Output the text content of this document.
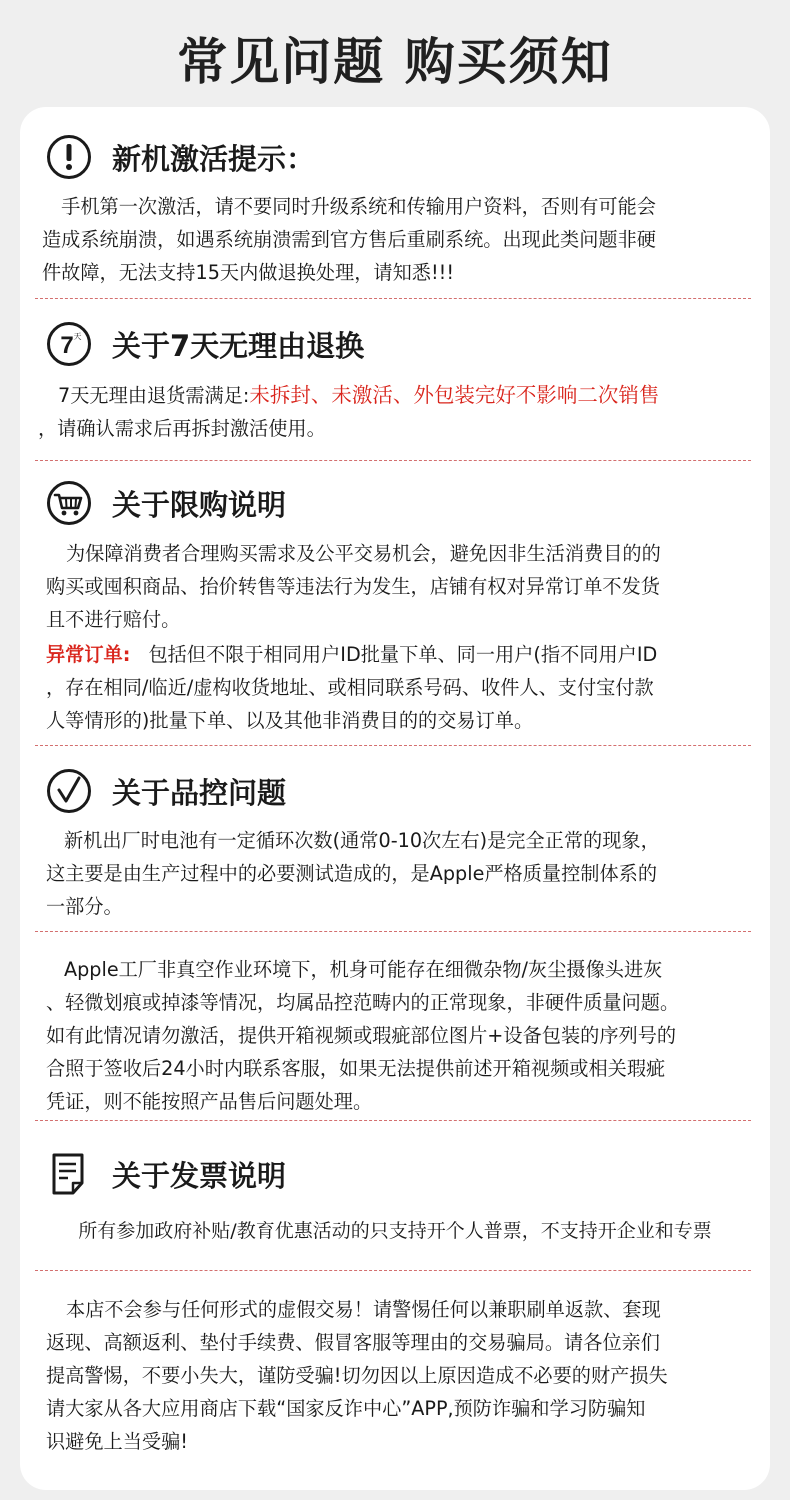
常见问题 购买须知
新机激活提示：
　手机第一次激活，请不要同时升级系统和传输用户资料，否则有可能会
造成系统崩溃，如遇系统崩溃需到官方售后重刷系统。出现此类问题非硬
件故障，无法支持15天内做退换处理，请知悉!!!
7 天 关于7天无理由退换
7天无理由退货需满足:未拆封、未激活、外包装完好不影响二次销售
，请确认需求后再拆封激活使用。
关于限购说明
为保障消费者合理购买需求及公平交易机会，避免因非生活消费目的的
购买或囤积商品、抬价转售等违法行为发生，店铺有权对异常订单不发货
且不进行赔付。
异常订单: 包括但不限于相同用户ID批量下单、同一用户(指不同用户ID
，存在相同/临近/虚构收货地址、或相同联系号码、收件人、支付宝付款
人等情形的)批量下单、以及其他非消费目的的交易订单。
关于品控问题
新机出厂时电池有一定循环次数(通常0-10次左右)是完全正常的现象，
这主要是由生产过程中的必要测试造成的，是Apple严格质量控制体系的
一部分。
Apple工厂非真空作业环境下，机身可能存在细微杂物/灰尘摄像头进灰
、轻微划痕或掉漆等情况，均属品控范畴内的正常现象，非硬件质量问题。
如有此情况请勿激活，提供开箱视频或瑕疵部位图片+设备包装的序列号的
合照于签收后24小时内联系客服，如果无法提供前述开箱视频或相关瑕疵
凭证，则不能按照产品售后问题处理。
关于发票说明
所有参加政府补贴/教育优惠活动的只支持开个人普票，不支持开企业和专票
本店不会参与任何形式的虚假交易！请警惕任何以兼职刷单返款、套现
返现、高额返利、垫付手续费、假冒客服等理由的交易骗局。请各位亲们
提高警惕，不要小失大，谨防受骗!切勿因以上原因造成不必要的财产损失
请大家从各大应用商店下载“国家反诈中心”APP,预防诈骗和学习防骗知
识避免上当受骗!
